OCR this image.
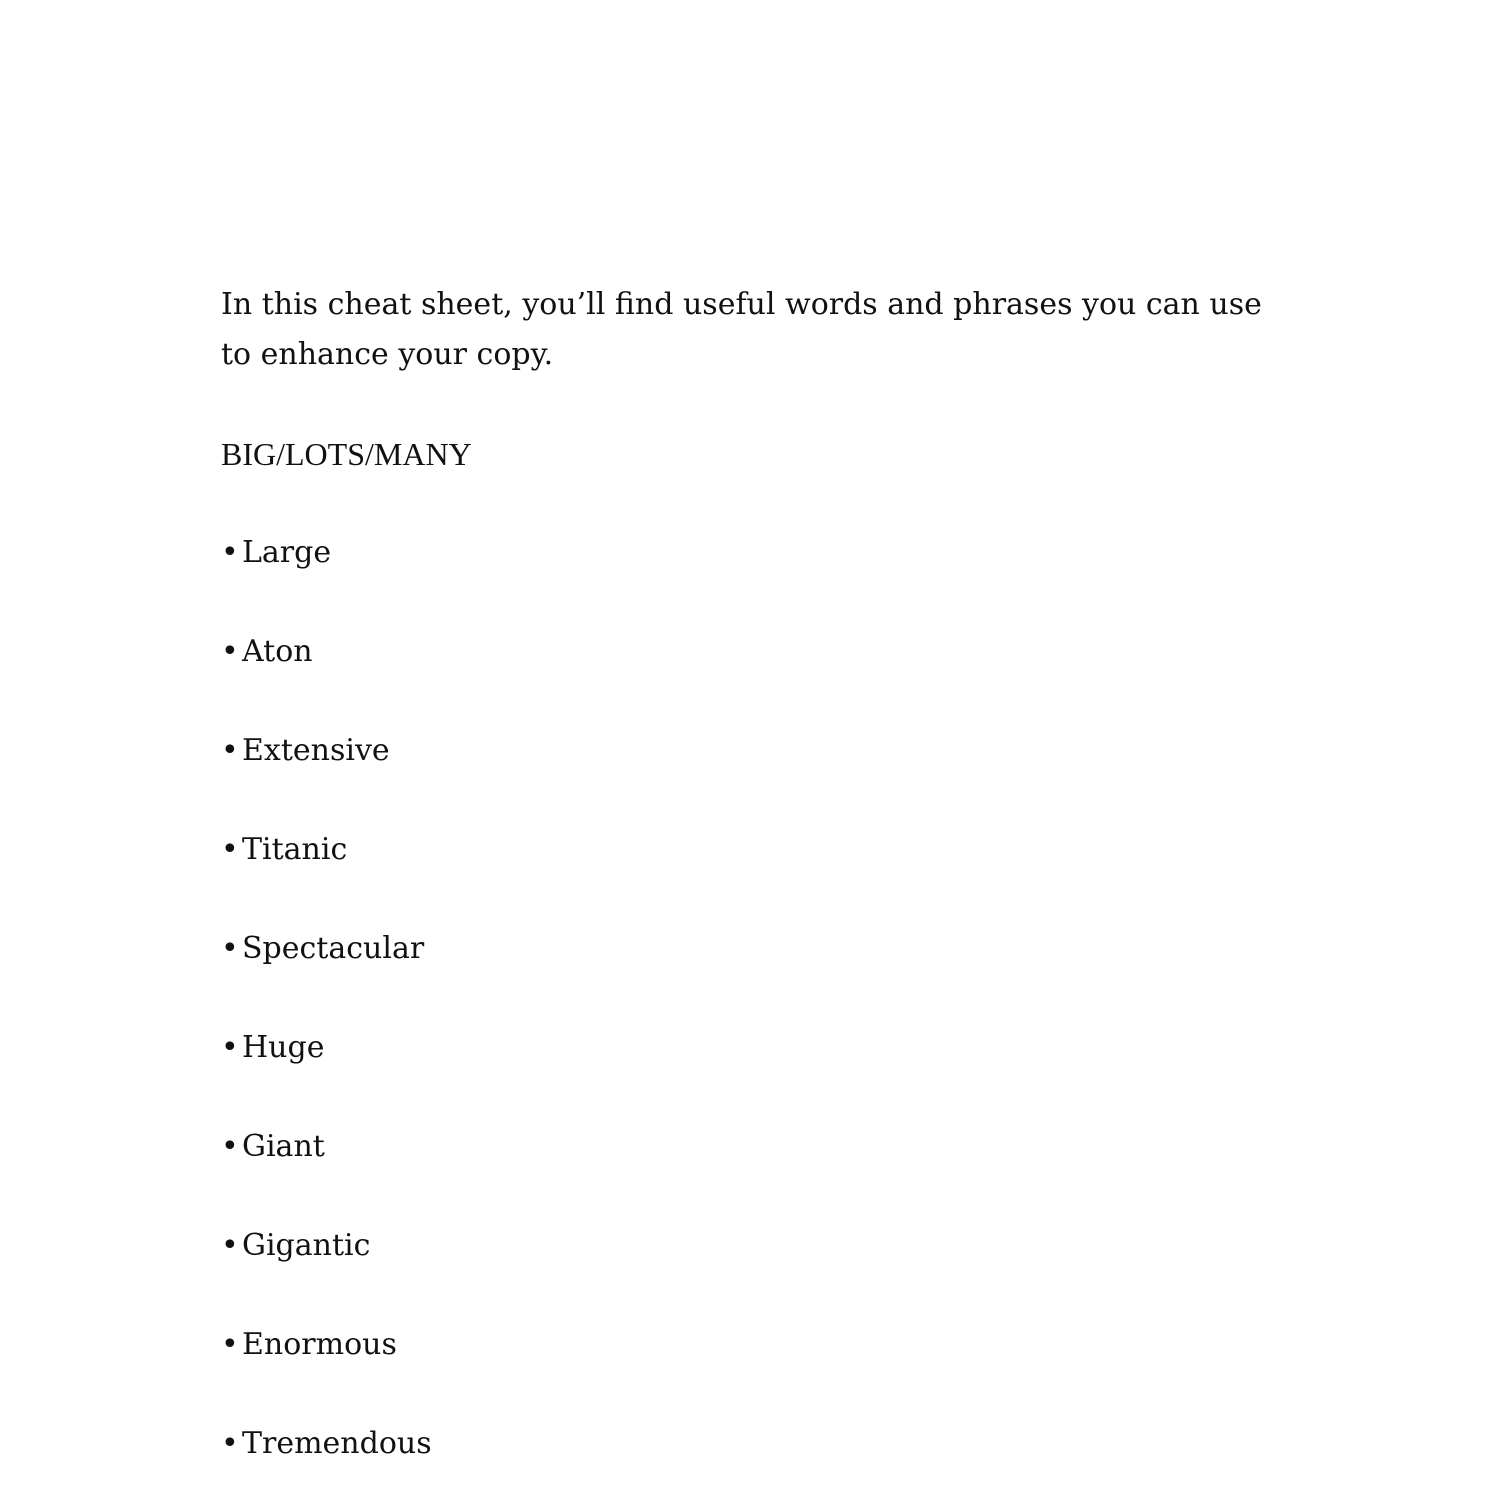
In this cheat sheet, you’ll find useful words and phrases you can use to enhance your copy.

BIG/LOTS/MANY
• Large
• Aton
• Extensive
• Titanic
• Spectacular
• Huge
• Giant
• Gigantic
• Enormous
• Tremendous
